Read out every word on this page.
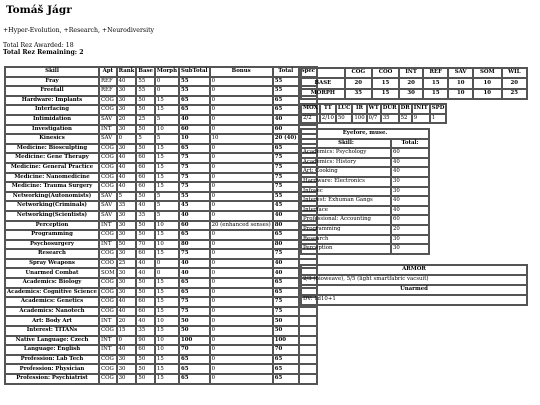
Tomáš Jágr
+Hyper-Evolution, +Research, +Neurodiversity
Total Rez Awarded: 18
Total Rez Remaining: 2
Skill	Apt	Rank	Base	Morph	SubTotal	Bonus	Total	Spec
Fray	REF	40	55	0	55	0	55	
Freefall	REF	30	55	0	55	0	55	
Hardware: Implants	COG	30	50	15	65	0	65	
Interfacing	COG	30	50	15	65	0	65	
Intimidation	SAV	20	25	5	40	0	40	
Investigation	INT	30	50	10	60	0	60	
Kinesics	SAV	0	5	5	10	10	20 (40)	
Medicine: Biosculpting	COG	30	50	15	65	0	65	
Medicine: Gene Therapy	COG	40	60	15	75	0	75	
Medicine: General Practice	COG	40	60	15	75	0	75	
Medicine: Nanomedicine	COG	40	60	15	75	0	75	
Medicine: Trauma Surgery	COG	40	60	15	75	0	75	
Networking(Autonomists)	SAV	5	50	5	55	0	55	
Networking(Criminals)	SAV	35	40	5	45	0	45	
Networking(Scientists)	SAV	30	35	5	40	0	40	
Perception	INT	30	50	10	60	20 (enhanced senses)	80	
Programming	COG	30	50	15	65	0	65	
Psychosurgery	INT	50	70	10	80	0	80	
Research	COG	30	60	15	75	0	75	
Spray Weapons	COO	25	40	0	40	0	40	
Unarmed Combat	SOM	30	40	0	40	0	40	
Academics: Biology	COG	30	50	15	65	0	65	
Academics: Cognitive Science	COG	30	50	15	65	0	65	
Academics: Genetics	COG	40	60	15	75	0	75	
Academics: Nanotech	COG	40	60	15	75	0	75	
Art: Body Art	INT	20	40	10	50	0	50	
Interest: TITANs	COG	15	35	15	50	0	50	
Native Language: Czech	INT	0	90	10	100	0	100	
Language: English	INT	40	60	10	70	0	70	
Profession: Lab Tech	COG	30	50	15	65	0	65	
Profession: Physician	COG	30	50	15	65	0	65	
Profession: Psychiatrist	COG	30	50	15	65	0	65	
	COG	COO	INT	REF	SAV	SOM	WIL
BASE	20	15	20	15	10	10	20
MORPH	35	15	30	15	10	10	25
MOX	TT	LUC	IR	WT	DUR	DR	INIT	SPD
2/2	2/10	50	100	0/7	35	52	9	1
Eyefore, muse.	
Skill:	Total:
Academics: Psychology	60
Academics: History	40
Art: Cooking	40
Hardware: Electronics	30
Infosec	30
Interest: Exhuman Gangs	40
Interface	40
Professional: Accounting	60
Programming	20
Research	30
Perception	30
ARMOR
2/3 (bioweave), 5/5 (light smartfabric vacsuit)
Unarmed
DV: 1d10+1
